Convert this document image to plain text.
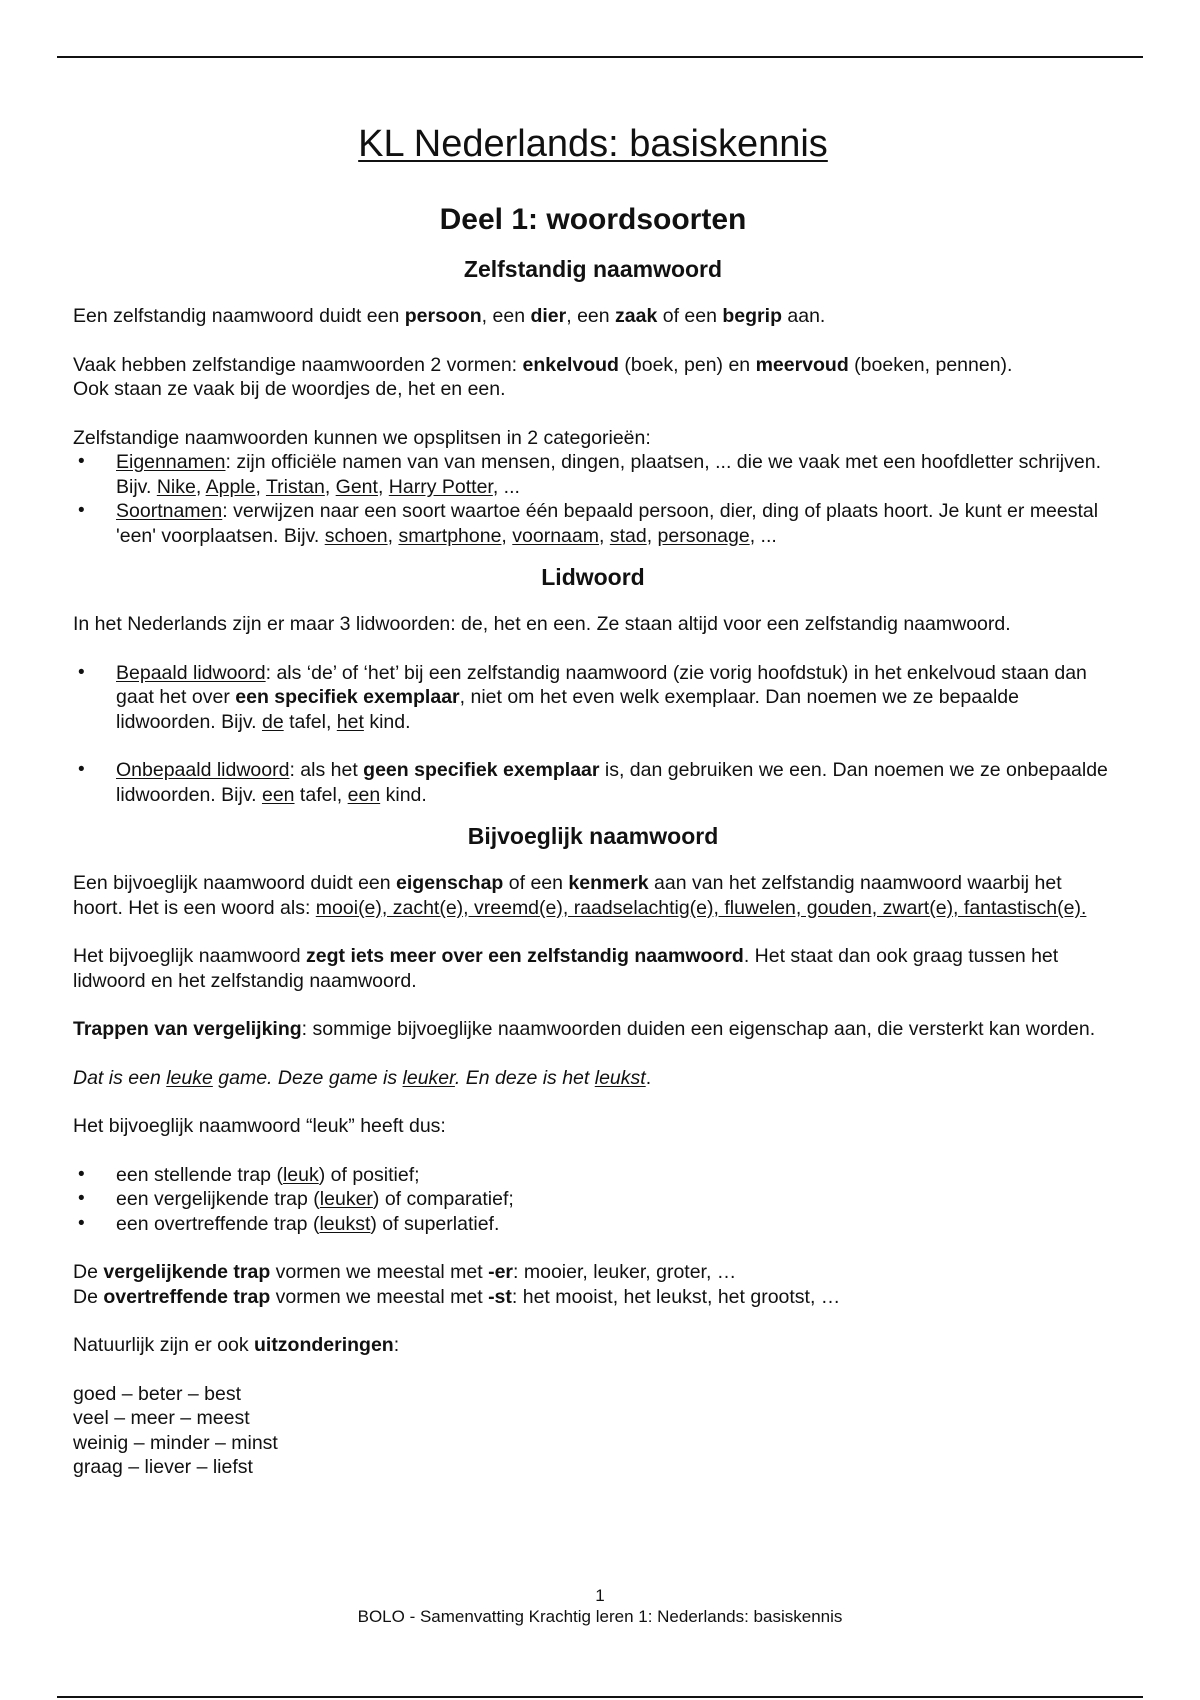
KL Nederlands: basiskennis
Deel 1: woordsoorten
Zelfstandig naamwoord

Een zelfstandig naamwoord duidt een persoon, een dier, een zaak of een begrip aan.

Vaak hebben zelfstandige naamwoorden 2 vormen: enkelvoud (boek, pen) en meervoud (boeken, pennen).
Ook staan ze vaak bij de woordjes de, het en een.

Zelfstandige naamwoorden kunnen we opsplitsen in 2 categorieën:

• Eigennamen: zijn officiële namen van van mensen, dingen, plaatsen, ... die we vaak met een hoofdletter schrijven. Bijv. Nike, Apple, Tristan, Gent, Harry Potter, ...
• Soortnamen: verwijzen naar een soort waartoe één bepaald persoon, dier, ding of plaats hoort. Je kunt er meestal 'een' voorplaatsen. Bijv. schoen, smartphone, voornaam, stad, personage, ...
Lidwoord

In het Nederlands zijn er maar 3 lidwoorden: de, het en een. Ze staan altijd voor een zelfstandig naamwoord.

• Bepaald lidwoord: als ‘de’ of ‘het’ bij een zelfstandig naamwoord (zie vorig hoofdstuk) in het enkelvoud staan dan gaat het over een specifiek exemplaar, niet om het even welk exemplaar. Dan noemen we ze bepaalde lidwoorden. Bijv. de tafel, het kind.
• Onbepaald lidwoord: als het geen specifiek exemplaar is, dan gebruiken we een. Dan noemen we ze onbepaalde lidwoorden. Bijv. een tafel, een kind.
Bijvoeglijk naamwoord

Een bijvoeglijk naamwoord duidt een eigenschap of een kenmerk aan van het zelfstandig naamwoord waarbij het hoort. Het is een woord als: mooi(e), zacht(e), vreemd(e), raadselachtig(e), fluwelen, gouden, zwart(e), fantastisch(e).

Het bijvoeglijk naamwoord zegt iets meer over een zelfstandig naamwoord. Het staat dan ook graag tussen het lidwoord en het zelfstandig naamwoord.

Trappen van vergelijking: sommige bijvoeglijke naamwoorden duiden een eigenschap aan, die versterkt kan worden.

Dat is een leuke game. Deze game is leuker. En deze is het leukst.

Het bijvoeglijk naamwoord “leuk” heeft dus:

• een stellende trap (leuk) of positief;
• een vergelijkende trap (leuker) of comparatief;
• een overtreffende trap (leukst) of superlatief.

De vergelijkende trap vormen we meestal met -er: mooier, leuker, groter, …
De overtreffende trap vormen we meestal met -st: het mooist, het leukst, het grootst, …

Natuurlijk zijn er ook uitzonderingen:

goed – beter – best
veel – meer – meest
weinig – minder – minst
graag – liever – liefst

1
BOLO - Samenvatting Krachtig leren 1: Nederlands: basiskennis
